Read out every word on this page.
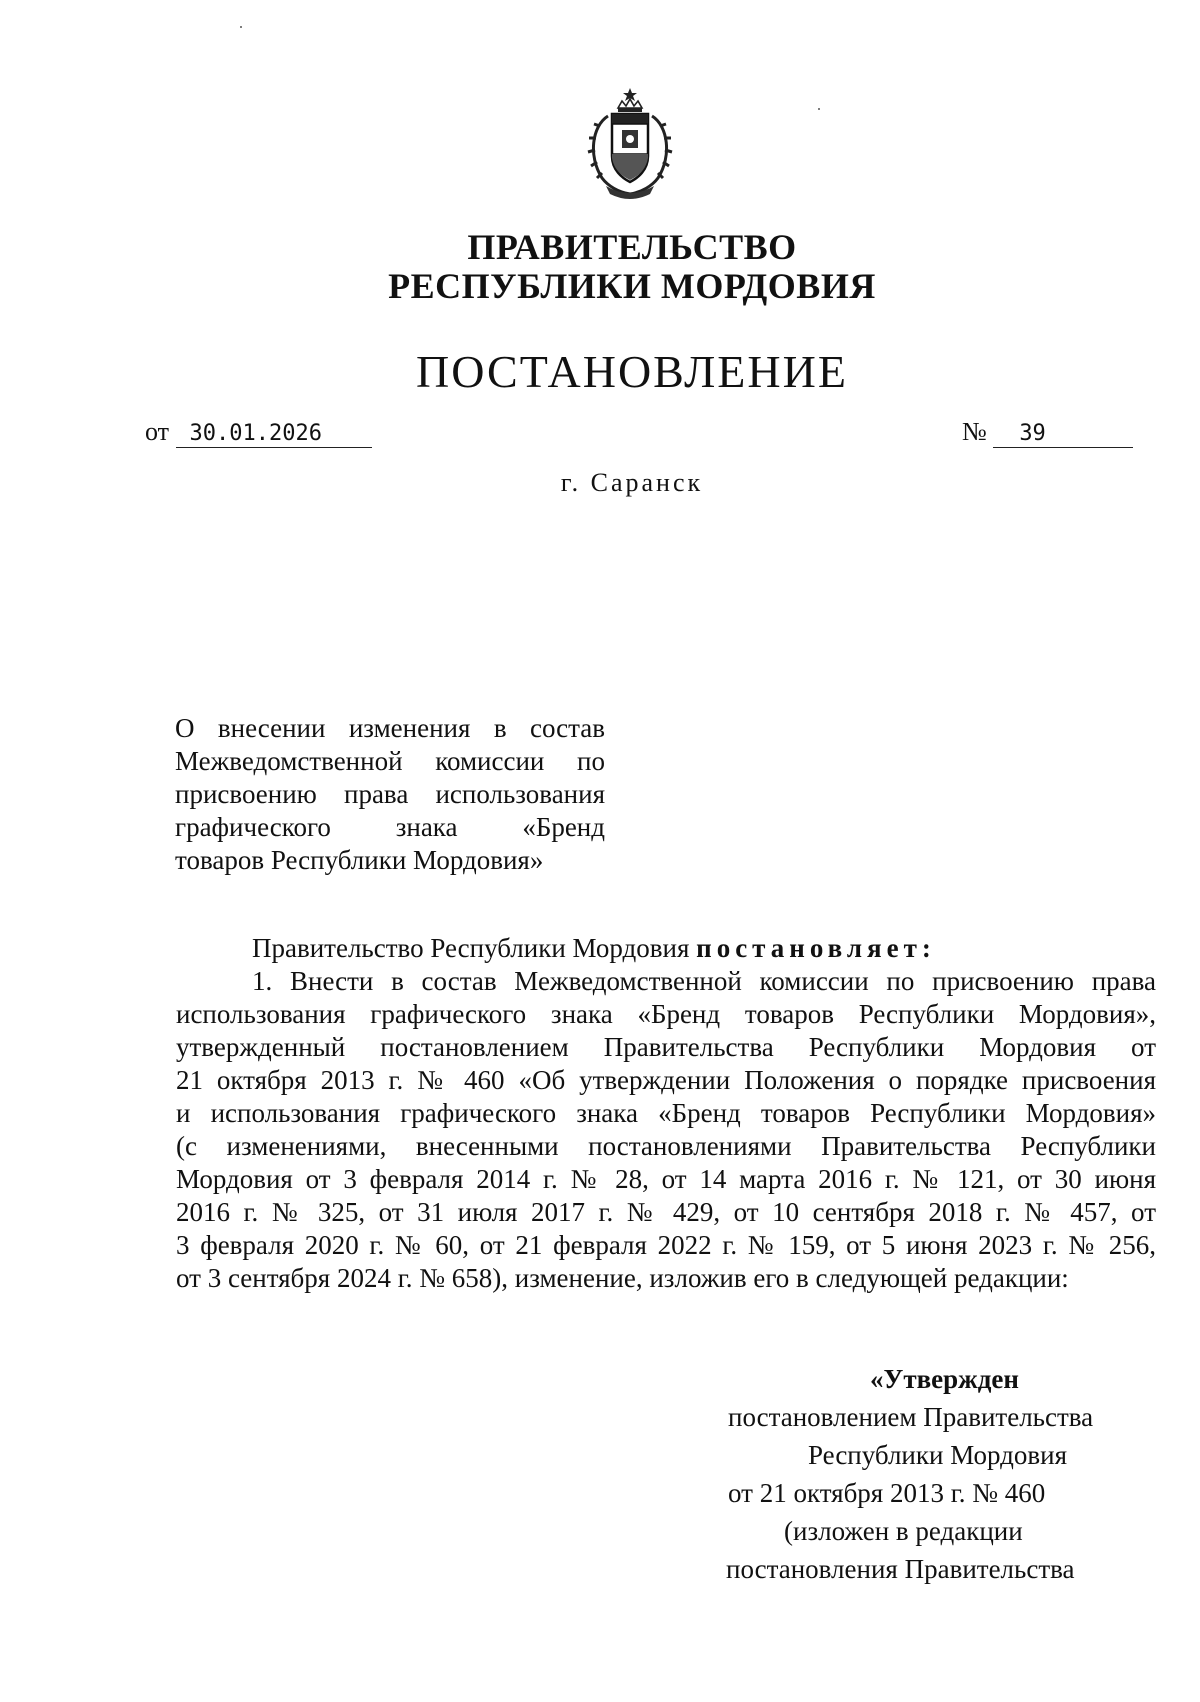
ПРАВИТЕЛЬСТВО
РЕСПУБЛИКИ МОРДОВИЯ
ПОСТАНОВЛЕНИЕ
от 30.01.2026	№ 39
г. Саранск
О внесении изменения в состав
Межведомственной комиссии по
присвоению права использования
графического знака «Бренд
товаров Республики Мордовия»
Правительство Республики Мордовия постановляет:
1. Внести в состав Межведомственной комиссии по присвоению права
использования графического знака «Бренд товаров Республики Мордовия»,
утвержденный постановлением Правительства Республики Мордовия от
21 октября 2013 г. № 460 «Об утверждении Положения о порядке присвоения
и использования графического знака «Бренд товаров Республики Мордовия»
(с изменениями, внесенными постановлениями Правительства Республики
Мордовия от 3 февраля 2014 г. № 28, от 14 марта 2016 г. № 121, от 30 июня
2016 г. № 325, от 31 июля 2017 г. № 429, от 10 сентября 2018 г. № 457, от
3 февраля 2020 г. № 60, от 21 февраля 2022 г. № 159, от 5 июня 2023 г. № 256,
от 3 сентября 2024 г. № 658), изменение, изложив его в следующей редакции:
«Утвержден
постановлением Правительства
Республики Мордовия
от 21 октября 2013 г. № 460
(изложен в редакции
постановления Правительства
